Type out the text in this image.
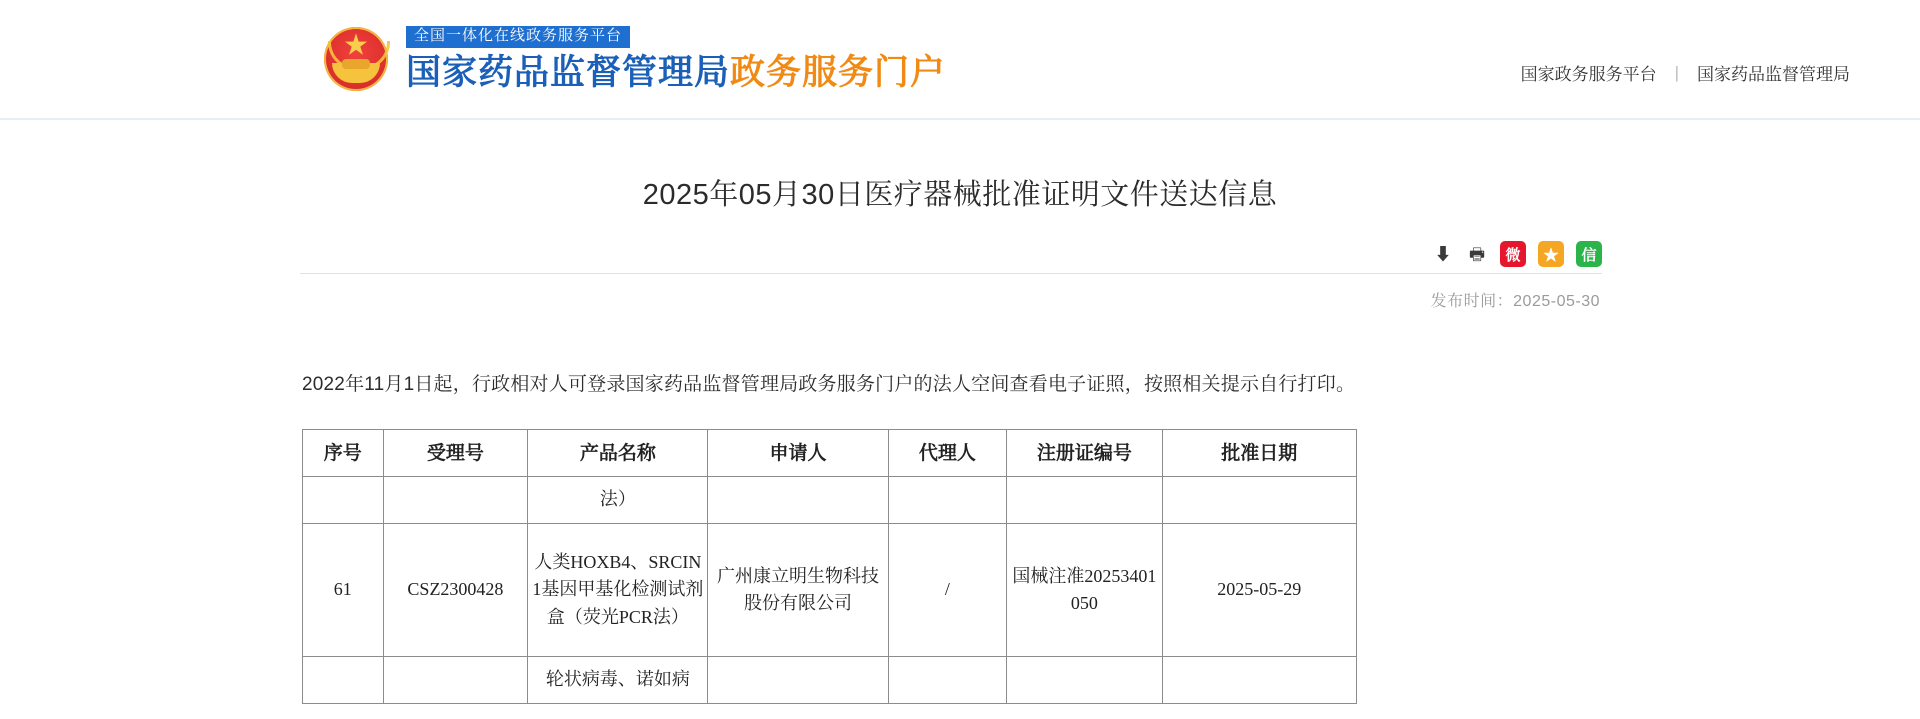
全国一体化在线政务服务平台
国家药品监督管理局政务服务门户	国家政务服务平台 | 国家药品监督管理局
2025年05月30日医疗器械批准证明文件送达信息
⬇ 🖶	微	★	信
发布时间：2025-05-30

2022年11月1日起，行政相对人可登录国家药品监督管理局政务服务门户的法人空间查看电子证照，按照相关提示自行打印。

序号	受理号	产品名称	申请人	代理人	注册证编号	批准日期
		法）				
61	CSZ2300428	人类HOXB4、SRCIN1基因甲基化检测试剂盒（荧光PCR法）	广州康立明生物科技股份有限公司	/	国械注准20253401050	2025-05-29
		轮状病毒、诺如病				
